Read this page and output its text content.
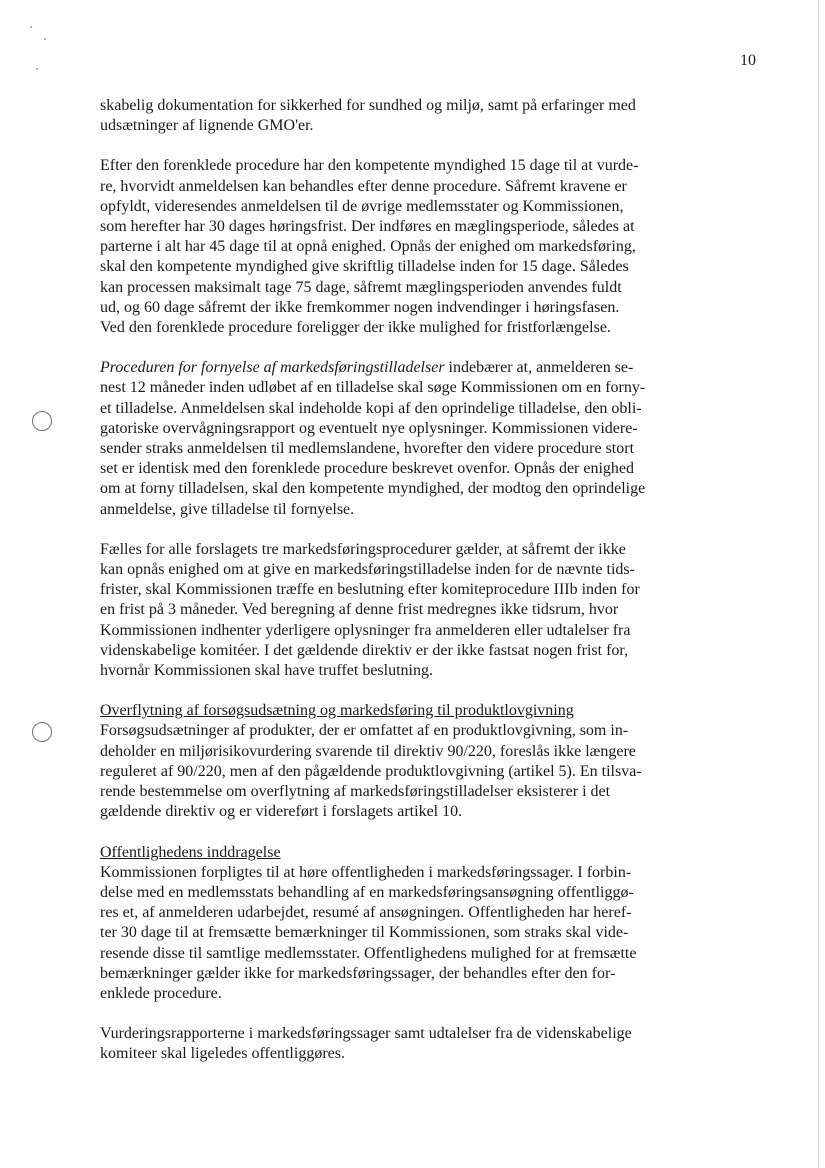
10

skabelig dokumentation for sikkerhed for sundhed og miljø, samt på erfaringer med
udsætninger af lignende GMO'er.

Efter den forenklede procedure har den kompetente myndighed 15 dage til at vurde-
re, hvorvidt anmeldelsen kan behandles efter denne procedure. Såfremt kravene er
opfyldt, videresendes anmeldelsen til de øvrige medlemsstater og Kommissionen,
som herefter har 30 dages høringsfrist. Der indføres en mæglingsperiode, således at
parterne i alt har 45 dage til at opnå enighed. Opnås der enighed om markedsføring,
skal den kompetente myndighed give skriftlig tilladelse inden for 15 dage. Således
kan processen maksimalt tage 75 dage, såfremt mæglingsperioden anvendes fuldt
ud, og 60 dage såfremt der ikke fremkommer nogen indvendinger i høringsfasen.
Ved den forenklede procedure foreligger der ikke mulighed for fristforlængelse.

Proceduren for fornyelse af markedsføringstilladelser indebærer at, anmelderen se-
nest 12 måneder inden udløbet af en tilladelse skal søge Kommissionen om en forny-
et tilladelse. Anmeldelsen skal indeholde kopi af den oprindelige tilladelse, den obli-
gatoriske overvågningsrapport og eventuelt nye oplysninger. Kommissionen videre-
sender straks anmeldelsen til medlemslandene, hvorefter den videre procedure stort
set er identisk med den forenklede procedure beskrevet ovenfor. Opnås der enighed
om at forny tilladelsen, skal den kompetente myndighed, der modtog den oprindelige
anmeldelse, give tilladelse til fornyelse.

Fælles for alle forslagets tre markedsføringsprocedurer gælder, at såfremt der ikke
kan opnås enighed om at give en markedsføringstilladelse inden for de nævnte tids-
frister, skal Kommissionen træffe en beslutning efter komiteprocedure IIIb inden for
en frist på 3 måneder. Ved beregning af denne frist medregnes ikke tidsrum, hvor
Kommissionen indhenter yderligere oplysninger fra anmelderen eller udtalelser fra
videnskabelige komitéer. I det gældende direktiv er der ikke fastsat nogen frist for,
hvornår Kommissionen skal have truffet beslutning.

Overflytning af forsøgsudsætning og markedsføring til produktlovgivning
Forsøgsudsætninger af produkter, der er omfattet af en produktlovgivning, som in-
deholder en miljørisikovurdering svarende til direktiv 90/220, foreslås ikke længere
reguleret af 90/220, men af den pågældende produktlovgivning (artikel 5). En tilsva-
rende bestemmelse om overflytning af markedsføringstilladelser eksisterer i det
gældende direktiv og er videreført i forslagets artikel 10.
Offentlighedens inddragelse
Kommissionen forpligtes til at høre offentligheden i markedsføringssager. I forbin-
delse med en medlemsstats behandling af en markedsføringsansøgning offentliggø-
res et, af anmelderen udarbejdet, resumé af ansøgningen. Offentligheden har heref-
ter 30 dage til at fremsætte bemærkninger til Kommissionen, som straks skal vide-
resende disse til samtlige medlemsstater. Offentlighedens mulighed for at fremsætte
bemærkninger gælder ikke for markedsføringssager, der behandles efter den for-
enklede procedure.

Vurderingsrapporterne i markedsføringssager samt udtalelser fra de videnskabelige
komiteer skal ligeledes offentliggøres.
